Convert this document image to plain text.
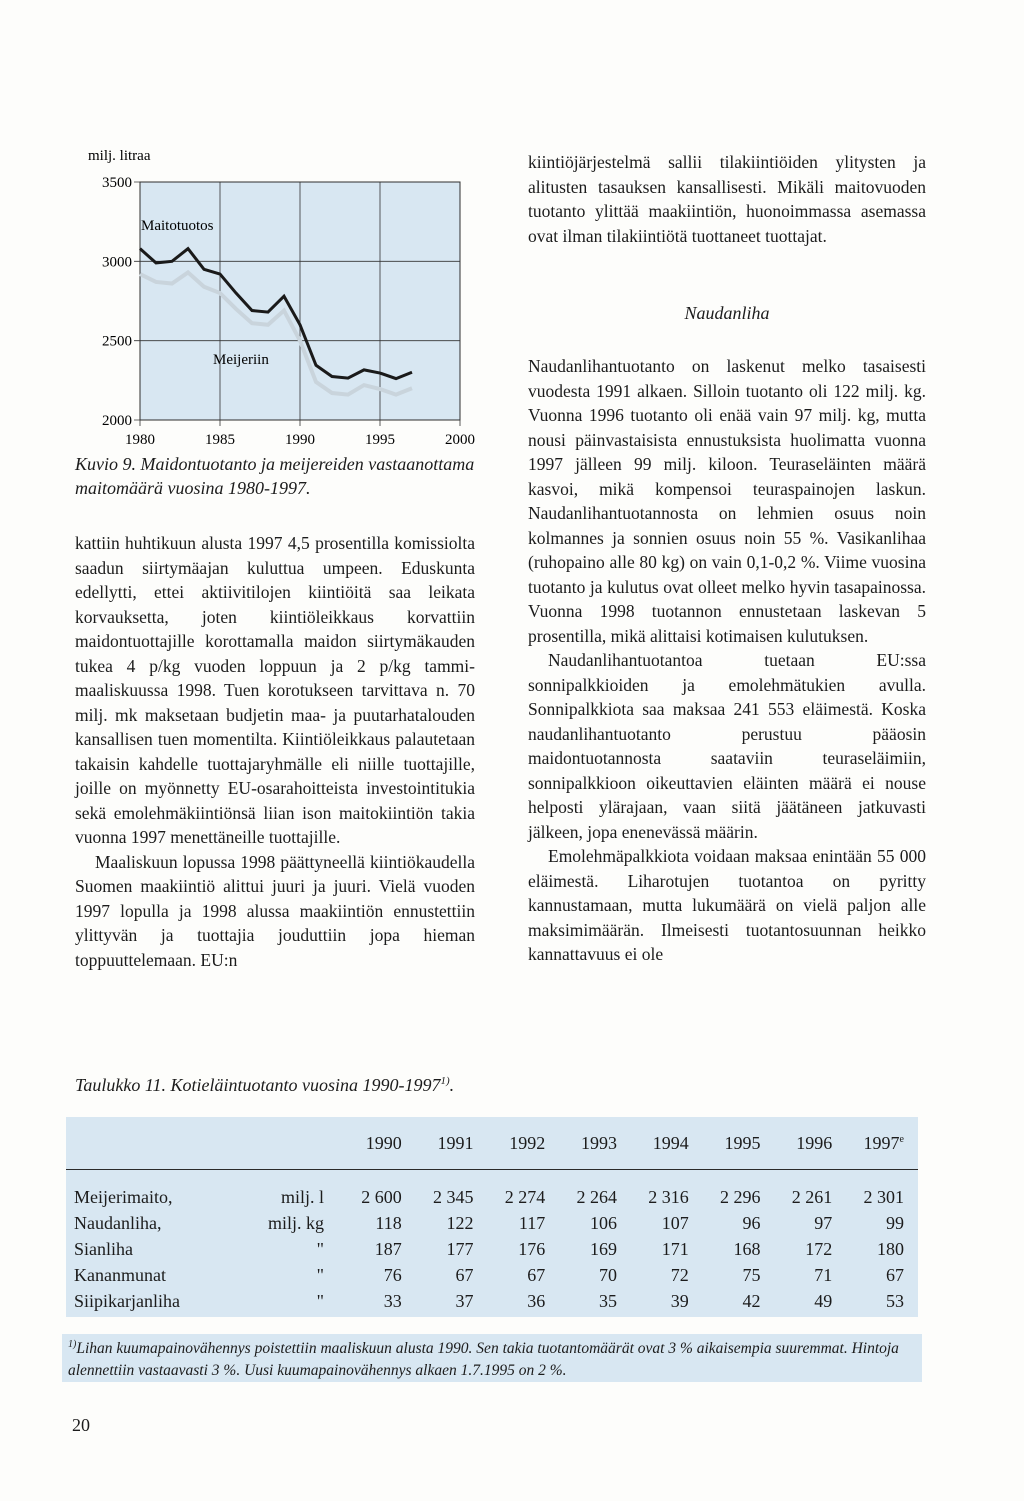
3500
3000
2500
2000
1980	1985	1990	1995	2000
milj. litraa
Maitotuotos
Meijeriin
Kuvio 9. Maidontuotanto ja meijereiden vastaanottama maitomäärä vuosina 1980-1997.

kattiin huhtikuun alusta 1997 4,5 prosentilla komissiolta saadun siirtymäajan kuluttua umpeen. Eduskunta edellytti, ettei aktiivitilojen kiintiöitä saa leikata korvauksetta, joten kiintiöleikkaus korvattiin maidontuottajille korottamalla maidon siirtymäkauden tukea 4 p/kg vuoden loppuun ja 2 p/kg tammi-maaliskuussa 1998. Tuen korotukseen tarvittava n. 70 milj. mk maksetaan budjetin maa- ja puutarhatalouden kansallisen tuen momentilta. Kiintiöleikkaus palautetaan takaisin kahdelle tuottajaryhmälle eli niille tuottajille, joille on myönnetty EU-osarahoitteista investointitukia sekä emolehmäkiintiönsä liian ison maitokiintiön takia vuonna 1997 menettäneille tuottajille.

Maaliskuun lopussa 1998 päättyneellä kiintiökaudella Suomen maakiintiö alittui juuri ja juuri. Vielä vuoden 1997 lopulla ja 1998 alussa maakiintiön ennustettiin ylittyvän ja tuottajia jouduttiin jopa hieman toppuuttelemaan. EU:n

kiintiöjärjestelmä sallii tilakiintiöiden ylitysten ja alitusten tasauksen kansallisesti. Mikäli maitovuoden tuotanto ylittää maakiintiön, huonoimmassa asemassa ovat ilman tilakiintiötä tuottaneet tuottajat.

Naudanliha

Naudanlihantuotanto on laskenut melko tasaisesti vuodesta 1991 alkaen. Silloin tuotanto oli 122 milj. kg. Vuonna 1996 tuotanto oli enää vain 97 milj. kg, mutta nousi päinvastaisista ennustuksista huolimatta vuonna 1997 jälleen 99 milj. kiloon. Teuraseläinten määrä kasvoi, mikä kompensoi teuraspainojen laskun. Naudanlihantuotannosta on lehmien osuus noin kolmannes ja sonnien osuus noin 55 %. Vasikanlihaa (ruhopaino alle 80 kg) on vain 0,1-0,2 %. Viime vuosina tuotanto ja kulutus ovat olleet melko hyvin tasapainossa. Vuonna 1998 tuotannon ennustetaan laskevan 5 prosentilla, mikä alittaisi kotimaisen kulutuksen.

Naudanlihantuotantoa tuetaan EU:ssa sonnipalkkioiden ja emolehmätukien avulla. Sonnipalkkiota saa maksaa 241 553 eläimestä. Koska naudanlihantuotanto perustuu pääosin maidontuotannosta saataviin teuraseläimiin, sonnipalkkioon oikeuttavien eläinten määrä ei nouse helposti ylärajaan, vaan siitä jäätäneen jatkuvasti jälkeen, jopa enenevässä määrin.

Emolehmäpalkkiota voidaan maksaa enintään 55 000 eläimestä. Liharotujen tuotantoa on pyritty kannustamaan, mutta lukumäärä on vielä paljon alle maksimimäärän. Ilmeisesti tuotantosuunnan heikko kannattavuus ei ole

Taulukko 11. Kotieläintuotanto vuosina 1990-1997$^{1)}$.
		1990	1991	1992	1993	1994	1995	1996	1997e
Meijerimaito,	milj. l	2 600	2 345	2 274	2 264	2 316	2 296	2 261	2 301
Naudanliha,	milj. kg	118	122	117	106	107	96	97	99
Sianliha	"	187	177	176	169	171	168	172	180
Kananmunat	"	76	67	67	70	72	75	71	67
Siipikarjanliha	"	33	37	36	35	39	42	49	53
$^{1)}$Lihan kuumapainovähennys poistettiin maaliskuun alusta 1990. Sen takia tuotantomäärät ovat 3 % aikaisempia suuremmat. Hintoja alennettiin vastaavasti 3 %. Uusi kuumapainovähennys alkaen 1.7.1995 on 2 %.
20
